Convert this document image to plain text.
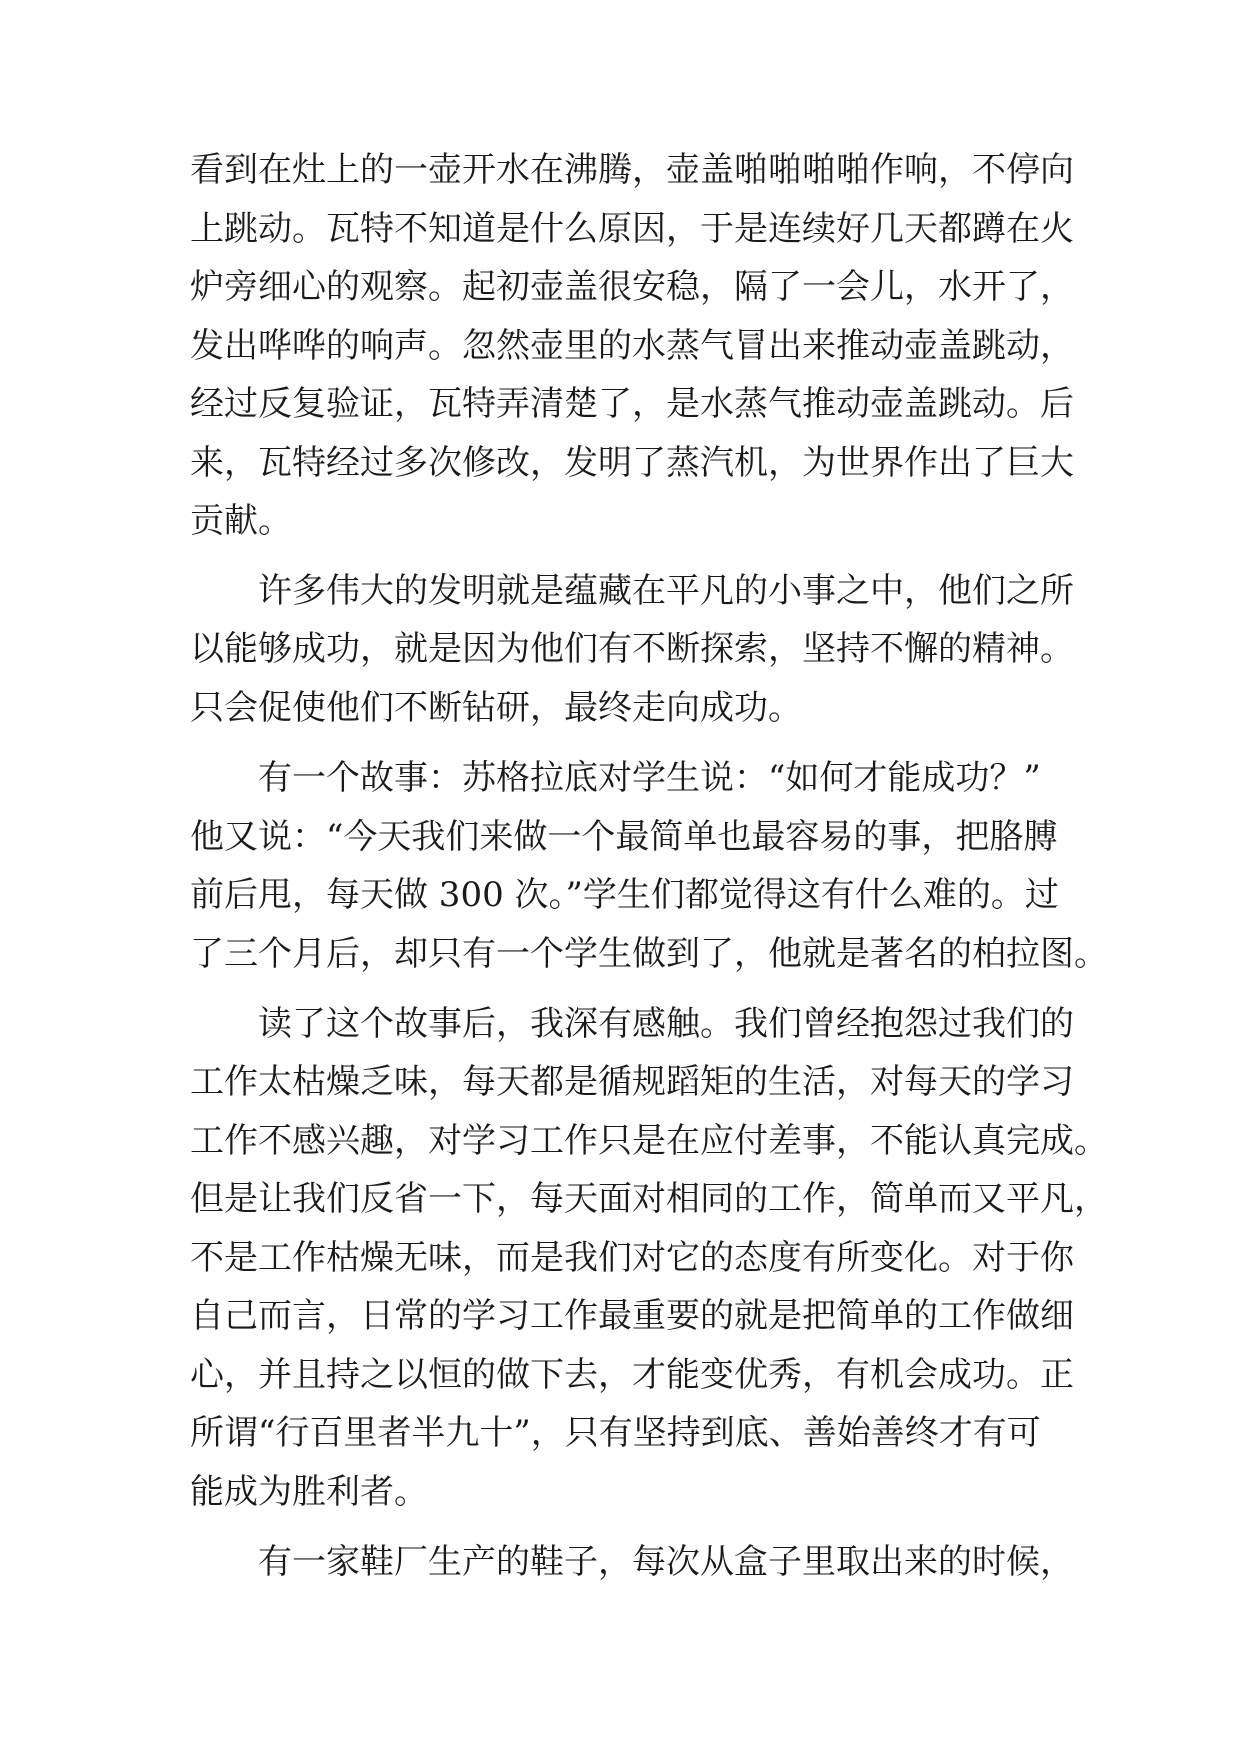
看到在灶上的一壶开水在沸腾，壶盖啪啪啪啪作响，不停向
上跳动。瓦特不知道是什么原因，于是连续好几天都蹲在火
炉旁细心的观察。起初壶盖很安稳，隔了一会儿，水开了，
发出哗哗的响声。忽然壶里的水蒸气冒出来推动壶盖跳动，
经过反复验证，瓦特弄清楚了，是水蒸气推动壶盖跳动。后
来，瓦特经过多次修改，发明了蒸汽机，为世界作出了巨大
贡献。
许多伟大的发明就是蕴藏在平凡的小事之中，他们之所
以能够成功，就是因为他们有不断探索，坚持不懈的精神。
只会促使他们不断钻研，最终走向成功。
有一个故事：苏格拉底对学生说：“如何才能成功？”
他又说：“今天我们来做一个最简单也最容易的事，把胳膊
前后甩，每天做 300 次。”学生们都觉得这有什么难的。过
了三个月后，却只有一个学生做到了，他就是著名的柏拉图。
读了这个故事后，我深有感触。我们曾经抱怨过我们的
工作太枯燥乏味，每天都是循规蹈矩的生活，对每天的学习
工作不感兴趣，对学习工作只是在应付差事，不能认真完成。
但是让我们反省一下，每天面对相同的工作，简单而又平凡，
不是工作枯燥无味，而是我们对它的态度有所变化。对于你
自己而言，日常的学习工作最重要的就是把简单的工作做细
心，并且持之以恒的做下去，才能变优秀，有机会成功。正
所谓“行百里者半九十”，只有坚持到底、善始善终才有可
能成为胜利者。
有一家鞋厂生产的鞋子，每次从盒子里取出来的时候，
